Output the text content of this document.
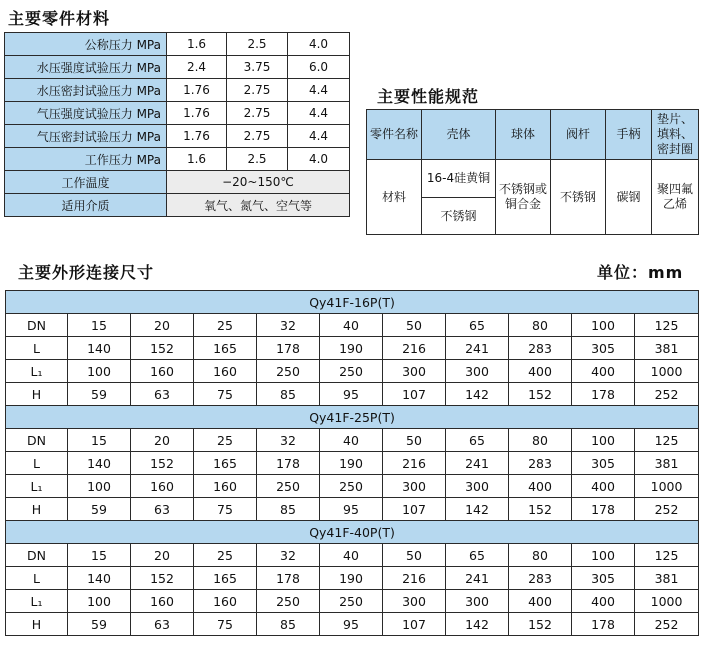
主要零件材料
公称压力 MPa	1.6	2.5	4.0
水压强度试验压力 MPa	2.4	3.75	6.0
水压密封试验压力 MPa	1.76	2.75	4.4
气压强度试验压力 MPa	1.76	2.75	4.4
气压密封试验压力 MPa	1.76	2.75	4.4
工作压力 MPa	1.6	2.5	4.0
工作温度	−20~150℃		
适用介质	氧气、氮气、空气等		
主要性能规范
零件名称	壳体	球体	阀杆	手柄	垫片、填料、密封圈
材料	16-4硅黄铜	不锈钢或铜合金	不锈钢	碳钢	聚四氟乙烯
	不锈钢				
主要外形连接尺寸	单位：mm
Qy41F-16P(T)										
DN	15	20	25	32	40	50	65	80	100	125
L	140	152	165	178	190	216	241	283	305	381
L₁	100	160	160	250	250	300	300	400	400	1000
H	59	63	75	85	95	107	142	152	178	252
Qy41F-25P(T)										
DN	15	20	25	32	40	50	65	80	100	125
L	140	152	165	178	190	216	241	283	305	381
L₁	100	160	160	250	250	300	300	400	400	1000
H	59	63	75	85	95	107	142	152	178	252
Qy41F-40P(T)										
DN	15	20	25	32	40	50	65	80	100	125
L	140	152	165	178	190	216	241	283	305	381
L₁	100	160	160	250	250	300	300	400	400	1000
H	59	63	75	85	95	107	142	152	178	252
